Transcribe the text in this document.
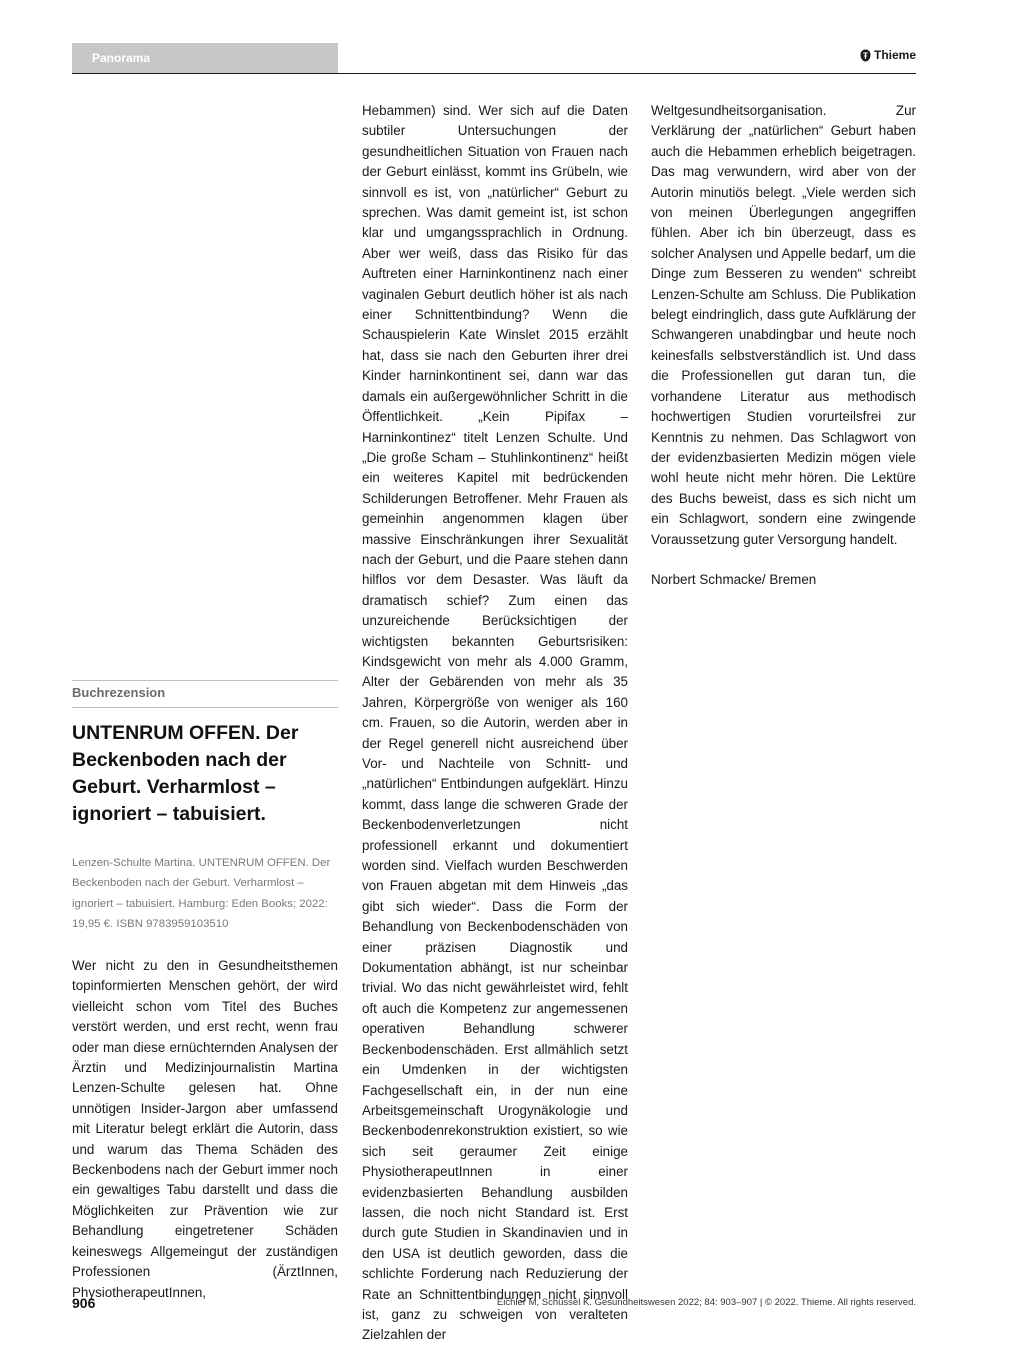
Panorama	Thieme
Buchrezension
UNTENRUM OFFEN. Der Beckenboden nach der Geburt. Verharmlost – ignoriert – tabuisiert.

Lenzen-Schulte Martina. UNTENRUM OFFEN. Der Beckenboden nach der Geburt. Verharmlost – ignoriert – tabuisiert. Hamburg: Eden Books; 2022: 19,95 €. ISBN 9783959103510

Wer nicht zu den in Gesundheitsthemen topinformierten Menschen gehört, der wird vielleicht schon vom Titel des Buches verstört werden, und erst recht, wenn frau oder man diese ernüchternden Analysen der Ärztin und Medizinjournalistin Martina Lenzen-Schulte gelesen hat. Ohne unnötigen Insider-Jargon aber umfassend mit Literatur belegt erklärt die Autorin, dass und warum das Thema Schäden des Beckenbodens nach der Geburt immer noch ein gewaltiges Tabu darstellt und dass die Möglichkeiten zur Prävention wie zur Behandlung eingetretener Schäden keineswegs Allgemeingut der zuständigen Professionen (ÄrztInnen, PhysiotherapeutInnen,

Hebammen) sind. Wer sich auf die Daten subtiler Untersuchungen der gesundheitlichen Situation von Frauen nach der Geburt einlässt, kommt ins Grübeln, wie sinnvoll es ist, von „natürlicher“ Geburt zu sprechen. Was damit gemeint ist, ist schon klar und umgangssprachlich in Ordnung. Aber wer weiß, dass das Risiko für das Auftreten einer Harninkontinenz nach einer vaginalen Geburt deutlich höher ist als nach einer Schnittentbindung? Wenn die Schauspielerin Kate Winslet 2015 erzählt hat, dass sie nach den Geburten ihrer drei Kinder harninkontinent sei, dann war das damals ein außergewöhnlicher Schritt in die Öffentlichkeit. „Kein Pipifax – Harninkontinez“ titelt Lenzen Schulte. Und „Die große Scham – Stuhlinkontinenz“ heißt ein weiteres Kapitel mit bedrückenden Schilderungen Betroffener. Mehr Frauen als gemeinhin angenommen klagen über massive Einschränkungen ihrer Sexualität nach der Geburt, und die Paare stehen dann hilflos vor dem Desaster. Was läuft da dramatisch schief? Zum einen das unzureichende Berücksichtigen der wichtigsten bekannten Geburtsrisiken: Kindsgewicht von mehr als 4.000 Gramm, Alter der Gebärenden von mehr als 35 Jahren, Körpergröße von weniger als 160 cm. Frauen, so die Autorin, werden aber in der Regel generell nicht ausreichend über Vor- und Nachteile von Schnitt- und „natürlichen“ Entbindungen aufgeklärt. Hinzu kommt, dass lange die schweren Grade der Beckenbodenverletzungen nicht professionell erkannt und dokumentiert worden sind. Vielfach wurden Beschwerden von Frauen abgetan mit dem Hinweis „das gibt sich wieder“. Dass die Form der Behandlung von Beckenbodenschäden von einer präzisen Diagnostik und Dokumentation abhängt, ist nur scheinbar trivial. Wo das nicht gewährleistet wird, fehlt oft auch die Kompetenz zur angemessenen operativen Behandlung schwerer Beckenbodenschäden. Erst allmählich setzt ein Umdenken in der wichtigsten Fachgesellschaft ein, in der nun eine Arbeitsgemeinschaft Urogynäkologie und Beckenbodenrekonstruktion existiert, so wie sich seit geraumer Zeit einige PhysiotherapeutInnen in einer evidenzbasierten Behandlung ausbilden lassen, die noch nicht Standard ist. Erst durch gute Studien in Skandinavien und in den USA ist deutlich geworden, dass die schlichte Forderung nach Reduzierung der Rate an Schnittentbindungen nicht sinnvoll ist, ganz zu schweigen von veralteten Zielzahlen der

Weltgesundheitsorganisation. Zur Verklärung der „natürlichen“ Geburt haben auch die Hebammen erheblich beigetragen. Das mag verwundern, wird aber von der Autorin minutiös belegt. „Viele werden sich von meinen Überlegungen angegriffen fühlen. Aber ich bin überzeugt, dass es solcher Analysen und Appelle bedarf, um die Dinge zum Besseren zu wenden“ schreibt Lenzen-Schulte am Schluss. Die Publikation belegt eindringlich, dass gute Aufklärung der Schwangeren unabdingbar und heute noch keinesfalls selbstverständlich ist. Und dass die Professionellen gut daran tun, die vorhandene Literatur aus methodisch hochwertigen Studien vorurteilsfrei zur Kenntnis zu nehmen. Das Schlagwort von der evidenzbasierten Medizin mögen viele wohl heute nicht mehr hören. Die Lektüre des Buchs beweist, dass es sich nicht um ein Schlagwort, sondern eine zwingende Voraussetzung guter Versorgung handelt.

Norbert Schmacke/ Bremen

906	Eichler M, Schüssel K. Gesundheitswesen 2022; 84: 903–907 | © 2022. Thieme. All rights reserved.
